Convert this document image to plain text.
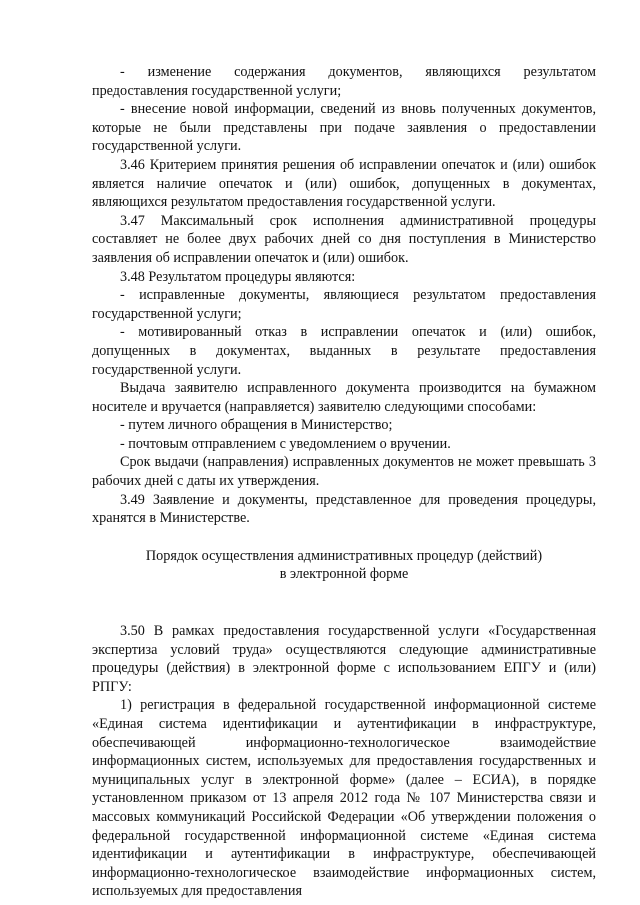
- изменение содержания документов, являющихся результатом предоставления государственной услуги;

- внесение новой информации, сведений из вновь полученных документов, которые не были представлены при подаче заявления о предоставлении государственной услуги.

3.46 Критерием принятия решения об исправлении опечаток и (или) ошибок является наличие опечаток и (или) ошибок, допущенных в документах, являющихся результатом предоставления государственной услуги.

3.47 Максимальный срок исполнения административной процедуры составляет не более двух рабочих дней со дня поступления в Министерство заявления об исправлении опечаток и (или) ошибок.

3.48 Результатом процедуры являются:

- исправленные документы, являющиеся результатом предоставления государственной услуги;

- мотивированный отказ в исправлении опечаток и (или) ошибок, допущенных в документах, выданных в результате предоставления государственной услуги.

Выдача заявителю исправленного документа производится на бумажном носителе и вручается (направляется) заявителю следующими способами:

- путем личного обращения в Министерство;

- почтовым отправлением с уведомлением о вручении.

Срок выдачи (направления) исправленных документов не может превышать 3 рабочих дней с даты их утверждения.

3.49 Заявление и документы, представленное для проведения процедуры, хранятся в Министерстве.

Порядок осуществления административных процедур (действий)
в электронной форме

3.50 В рамках предоставления государственной услуги «Государственная экспертиза условий труда» осуществляются следующие административные процедуры (действия) в электронной форме с использованием ЕПГУ и (или) РПГУ:

1) регистрация в федеральной государственной информационной системе «Единая система идентификации и аутентификации в инфраструктуре, обеспечивающей информационно-технологическое взаимодействие информационных систем, используемых для предоставления государственных и муниципальных услуг в электронной форме» (далее – ЕСИА), в порядке установленном приказом от 13 апреля 2012 года № 107 Министерства связи и массовых коммуникаций Российской Федерации «Об утверждении положения о федеральной государственной информационной системе «Единая система идентификации и аутентификации в инфраструктуре, обеспечивающей информационно-технологическое взаимодействие информационных систем, используемых для предоставления
